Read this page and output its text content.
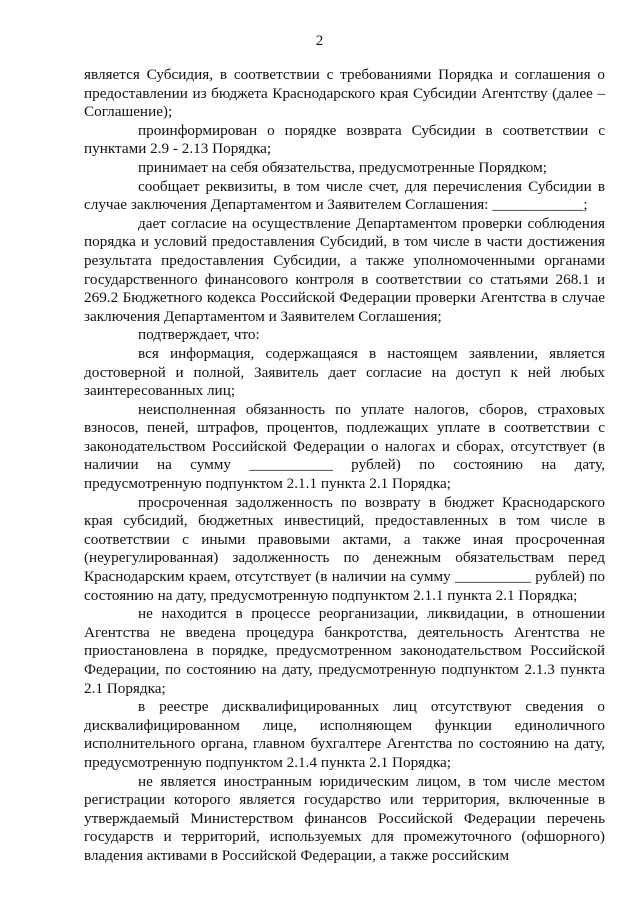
2

является Субсидия, в соответствии с требованиями Порядка и соглашения о предоставлении из бюджета Краснодарского края Субсидии Агентству (далее – Соглашение);

проинформирован о порядке возврата Субсидии в соответствии с пунктами 2.9 - 2.13 Порядка;

принимает на себя обязательства, предусмотренные Порядком;

сообщает реквизиты, в том числе счет, для перечисления Субсидии в случае заключения Департаментом и Заявителем Соглашения: ____________;

дает согласие на осуществление Департаментом проверки соблюдения порядка и условий предоставления Субсидий, в том числе в части достижения результата предоставления Субсидии, а также уполномоченными органами государственного финансового контроля в соответствии со статьями 268.1 и 269.2 Бюджетного кодекса Российской Федерации проверки Агентства в случае заключения Департаментом и Заявителем Соглашения;

подтверждает, что:

вся информация, содержащаяся в настоящем заявлении, является достоверной и полной, Заявитель дает согласие на доступ к ней любых заинтересованных лиц;

неисполненная обязанность по уплате налогов, сборов, страховых взносов, пеней, штрафов, процентов, подлежащих уплате в соответствии с законодательством Российской Федерации о налогах и сборах, отсутствует (в наличии на сумму ___________ рублей) по состоянию на дату, предусмотренную подпунктом 2.1.1 пункта 2.1 Порядка;

просроченная задолженность по возврату в бюджет Краснодарского края субсидий, бюджетных инвестиций, предоставленных в том числе в соответствии с иными правовыми актами, а также иная просроченная (неурегулированная) задолженность по денежным обязательствам перед Краснодарским краем, отсутствует (в наличии на сумму __________ рублей) по состоянию на дату, предусмотренную подпунктом 2.1.1 пункта 2.1 Порядка;

не находится в процессе реорганизации, ликвидации, в отношении Агентства не введена процедура банкротства, деятельность Агентства не приостановлена в порядке, предусмотренном законодательством Российской Федерации, по состоянию на дату, предусмотренную подпунктом 2.1.3 пункта 2.1 Порядка;

в реестре дисквалифицированных лиц отсутствуют сведения о дисквалифицированном лице, исполняющем функции единоличного исполнительного органа, главном бухгалтере Агентства по состоянию на дату, предусмотренную подпунктом 2.1.4 пункта 2.1 Порядка;

не является иностранным юридическим лицом, в том числе местом регистрации которого является государство или территория, включенные в утверждаемый Министерством финансов Российской Федерации перечень государств и территорий, используемых для промежуточного (офшорного) владения активами в Российской Федерации, а также российским
